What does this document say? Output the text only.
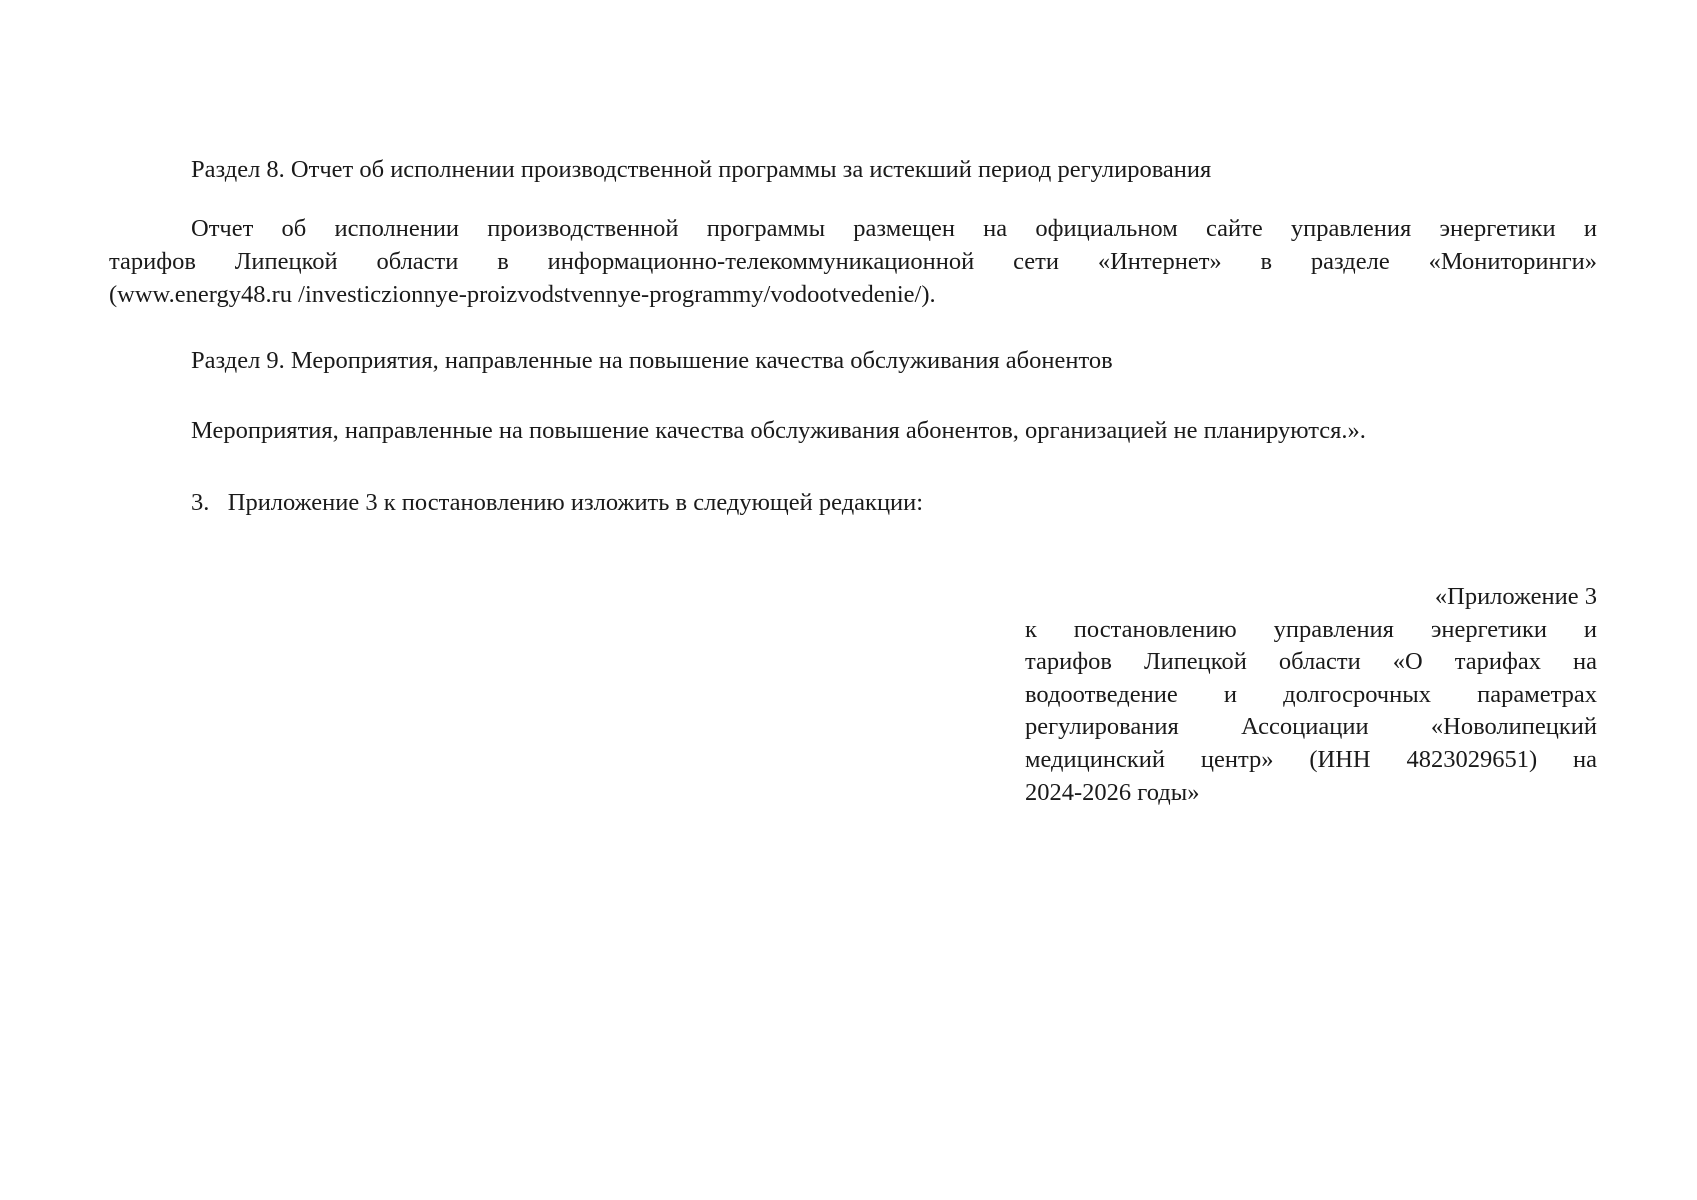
Раздел 8. Отчет об исполнении производственной программы за истекший период регулирования
Отчет об исполнении производственной программы размещен на официальном сайте управления энергетики и
тарифов Липецкой области в информационно-телекоммуникационной сети «Интернет» в разделе «Мониторинги»
(www.energy48.ru /investiczionnye-proizvodstvennye-programmy/vodootvedenie/).
Раздел 9. Мероприятия, направленные на повышение качества обслуживания абонентов
Мероприятия, направленные на повышение качества обслуживания абонентов, организацией не планируются.».
3.   Приложение 3 к постановлению изложить в следующей редакции:
«Приложение 3
к постановлению управления энергетики и
тарифов Липецкой области «О тарифах на
водоотведение и долгосрочных параметрах
регулирования Ассоциации «Новолипецкий
медицинский центр» (ИНН 4823029651) на
2024-2026 годы»
